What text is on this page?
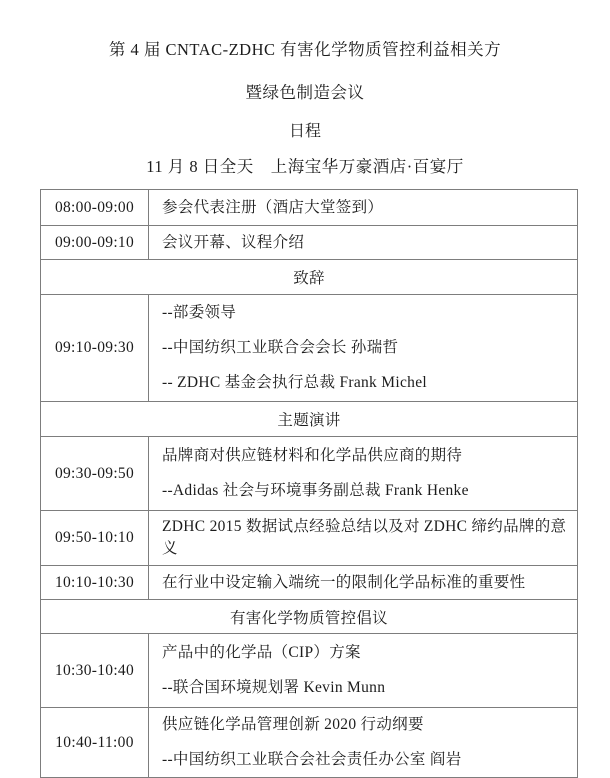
第 4 届 CNTAC-ZDHC 有害化学物质管控利益相关方
暨绿色制造会议
日程
11 月 8 日全天　上海宝华万豪酒店·百宴厅
08:00-09:00	参会代表注册（酒店大堂签到）

09:00-09:10	会议开幕、议程介绍

致辞	
09:10-09:30	--部委领导

--中国纺织工业联合会会长 孙瑞哲

-- ZDHC 基金会执行总裁 Frank Michel

主题演讲	
09:30-09:50	品牌商对供应链材料和化学品供应商的期待

--Adidas 社会与环境事务副总裁 Frank Henke

09:50-10:10	ZDHC 2015 数据试点经验总结以及对 ZDHC 缔约品牌的意义

10:10-10:30	在行业中设定输入端统一的限制化学品标准的重要性

有害化学物质管控倡议	
10:30-10:40	产品中的化学品（CIP）方案

--联合国环境规划署 Kevin Munn

10:40-11:00	供应链化学品管理创新 2020 行动纲要

--中国纺织工业联合会社会责任办公室 阎岩
